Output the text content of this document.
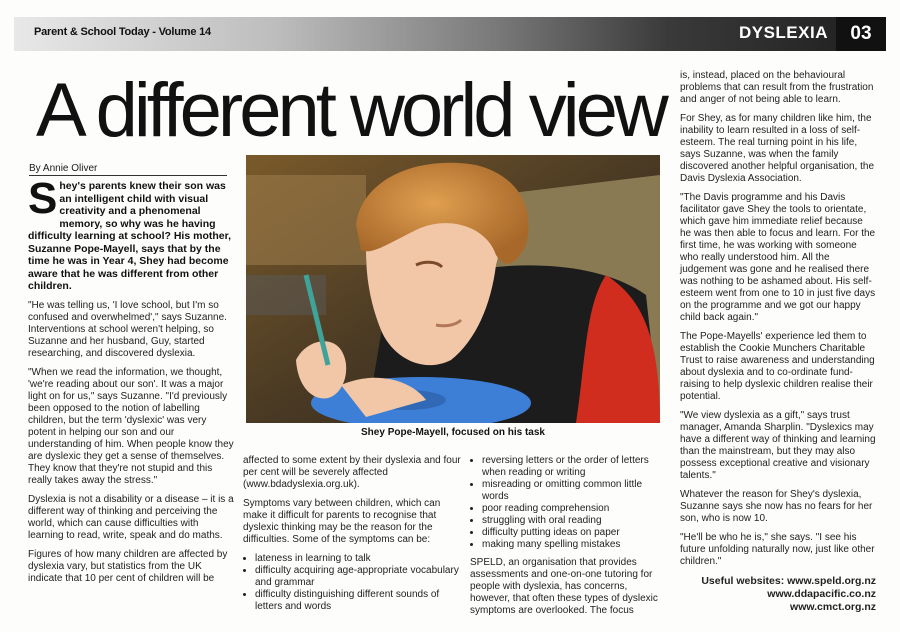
Parent & School Today - Volume 14	DYSLEXIA	03
A different world view
By Annie Oliver

Shey's parents knew their son was an intelligent child with visual creativity and a phenomenal memory, so why was he having difficulty learning at school? His mother, Suzanne Pope-Mayell, says that by the time he was in Year 4, Shey had become aware that he was different from other children.

"He was telling us, 'I love school, but I'm so confused and overwhelmed'," says Suzanne. Interventions at school weren't helping, so Suzanne and her husband, Guy, started researching, and discovered dyslexia.

"When we read the information, we thought, 'we're reading about our son'. It was a major light on for us," says Suzanne. "I'd previously been opposed to the notion of labelling children, but the term 'dyslexic' was very potent in helping our son and our understanding of him. When people know they are dyslexic they get a sense of themselves. They know that they're not stupid and this really takes away the stress."

Dyslexia is not a disability or a disease – it is a different way of thinking and perceiving the world, which can cause difficulties with learning to read, write, speak and do maths.

Figures of how many children are affected by dyslexia vary, but statistics from the UK indicate that 10 per cent of children will be

Shey Pope-Mayell, focused on his task

affected to some extent by their dyslexia and four per cent will be severely affected (www.bdadyslexia.org.uk).

Symptoms vary between children, which can make it difficult for parents to recognise that dyslexic thinking may be the reason for the difficulties. Some of the symptoms can be:

• lateness in learning to talk
• difficulty acquiring age-appropriate vocabulary and grammar
• difficulty distinguishing different sounds of letters and words
• reversing letters or the order of letters when reading or writing
• misreading or omitting common little words
• poor reading comprehension
• struggling with oral reading
• difficulty putting ideas on paper
• making many spelling mistakes

SPELD, an organisation that provides assessments and one-on-one tutoring for people with dyslexia, has concerns, however, that often these types of dyslexic symptoms are overlooked. The focus

is, instead, placed on the behavioural problems that can result from the frustration and anger of not being able to learn.

For Shey, as for many children like him, the inability to learn resulted in a loss of self-esteem. The real turning point in his life, says Suzanne, was when the family discovered another helpful organisation, the Davis Dyslexia Association.

"The Davis programme and his Davis facilitator gave Shey the tools to orientate, which gave him immediate relief because he was then able to focus and learn. For the first time, he was working with someone who really understood him. All the judgement was gone and he realised there was nothing to be ashamed about. His self-esteem went from one to 10 in just five days on the programme and we got our happy child back again."

The Pope-Mayells' experience led them to establish the Cookie Munchers Charitable Trust to raise awareness and understanding about dyslexia and to co-ordinate fund-raising to help dyslexic children realise their potential.

"We view dyslexia as a gift," says trust manager, Amanda Sharplin. "Dyslexics may have a different way of thinking and learning than the mainstream, but they may also possess exceptional creative and visionary talents."

Whatever the reason for Shey's dyslexia, Suzanne says she now has no fears for her son, who is now 10.

"He'll be who he is," she says. "I see his future unfolding naturally now, just like other children."

Useful websites: www.speld.org.nz
www.ddapacific.co.nz www.cmct.org.nz
